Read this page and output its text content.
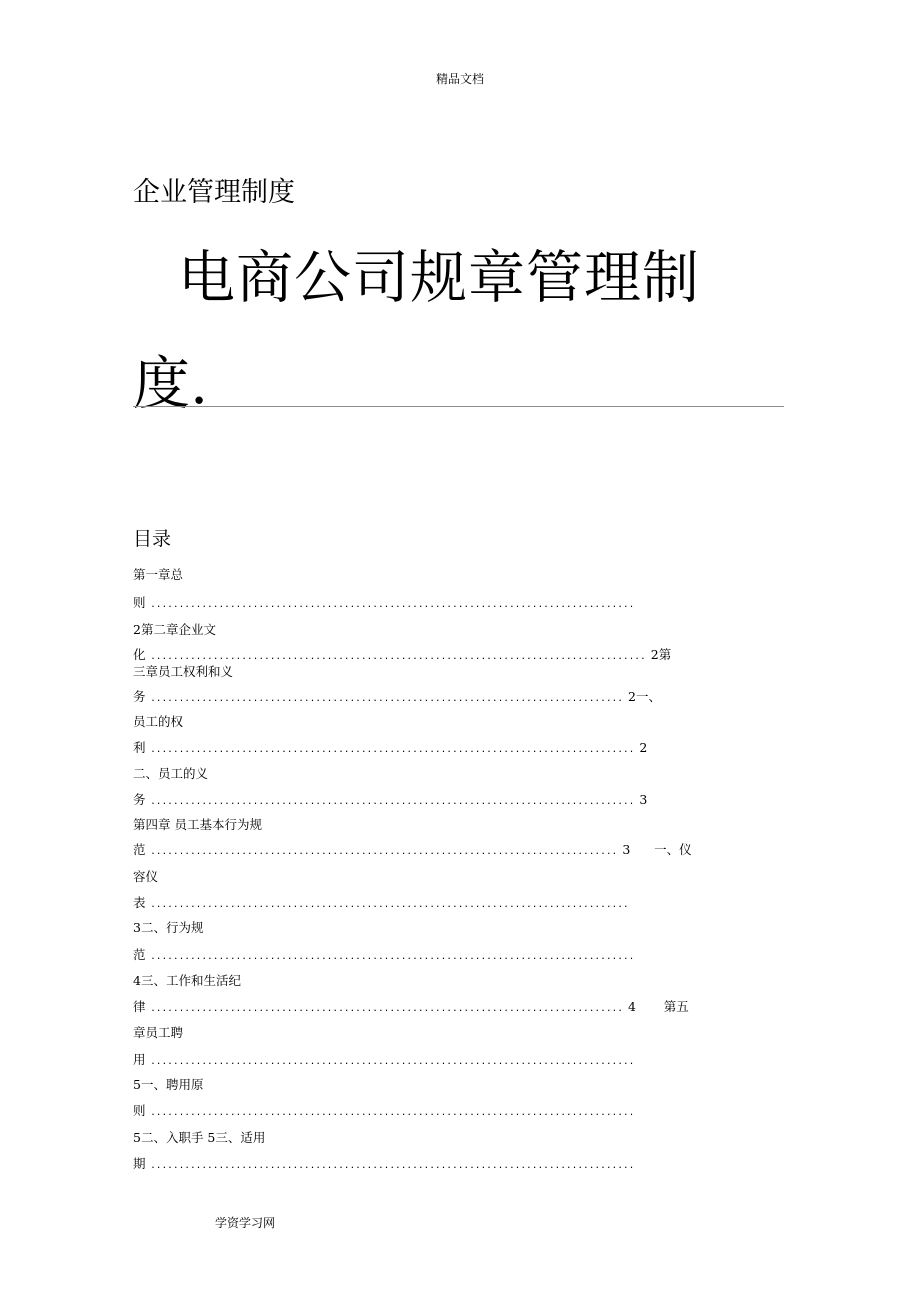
精品文档
企业管理制度
电商公司规章管理制
度.
目录
第一章总
则 .....................................................................................
2第二章企业文
化 ....................................................................................... 2第
三章员工权利和义
务 ................................................................................... 2一、
员工的权
利 ..................................................................................... 2
二、员工的义
务 ..................................................................................... 3
第四章 员工基本行为规
范 .................................................................................. 3      一、仪
容仪
表 ....................................................................................
3二、行为规
范 .....................................................................................
4三、工作和生活纪
律 ................................................................................... 4       第五
章员工聘
用 .....................................................................................
5一、聘用原
则 .....................................................................................
5二、入职手 5三、适用
期 .....................................................................................
学资学习网
